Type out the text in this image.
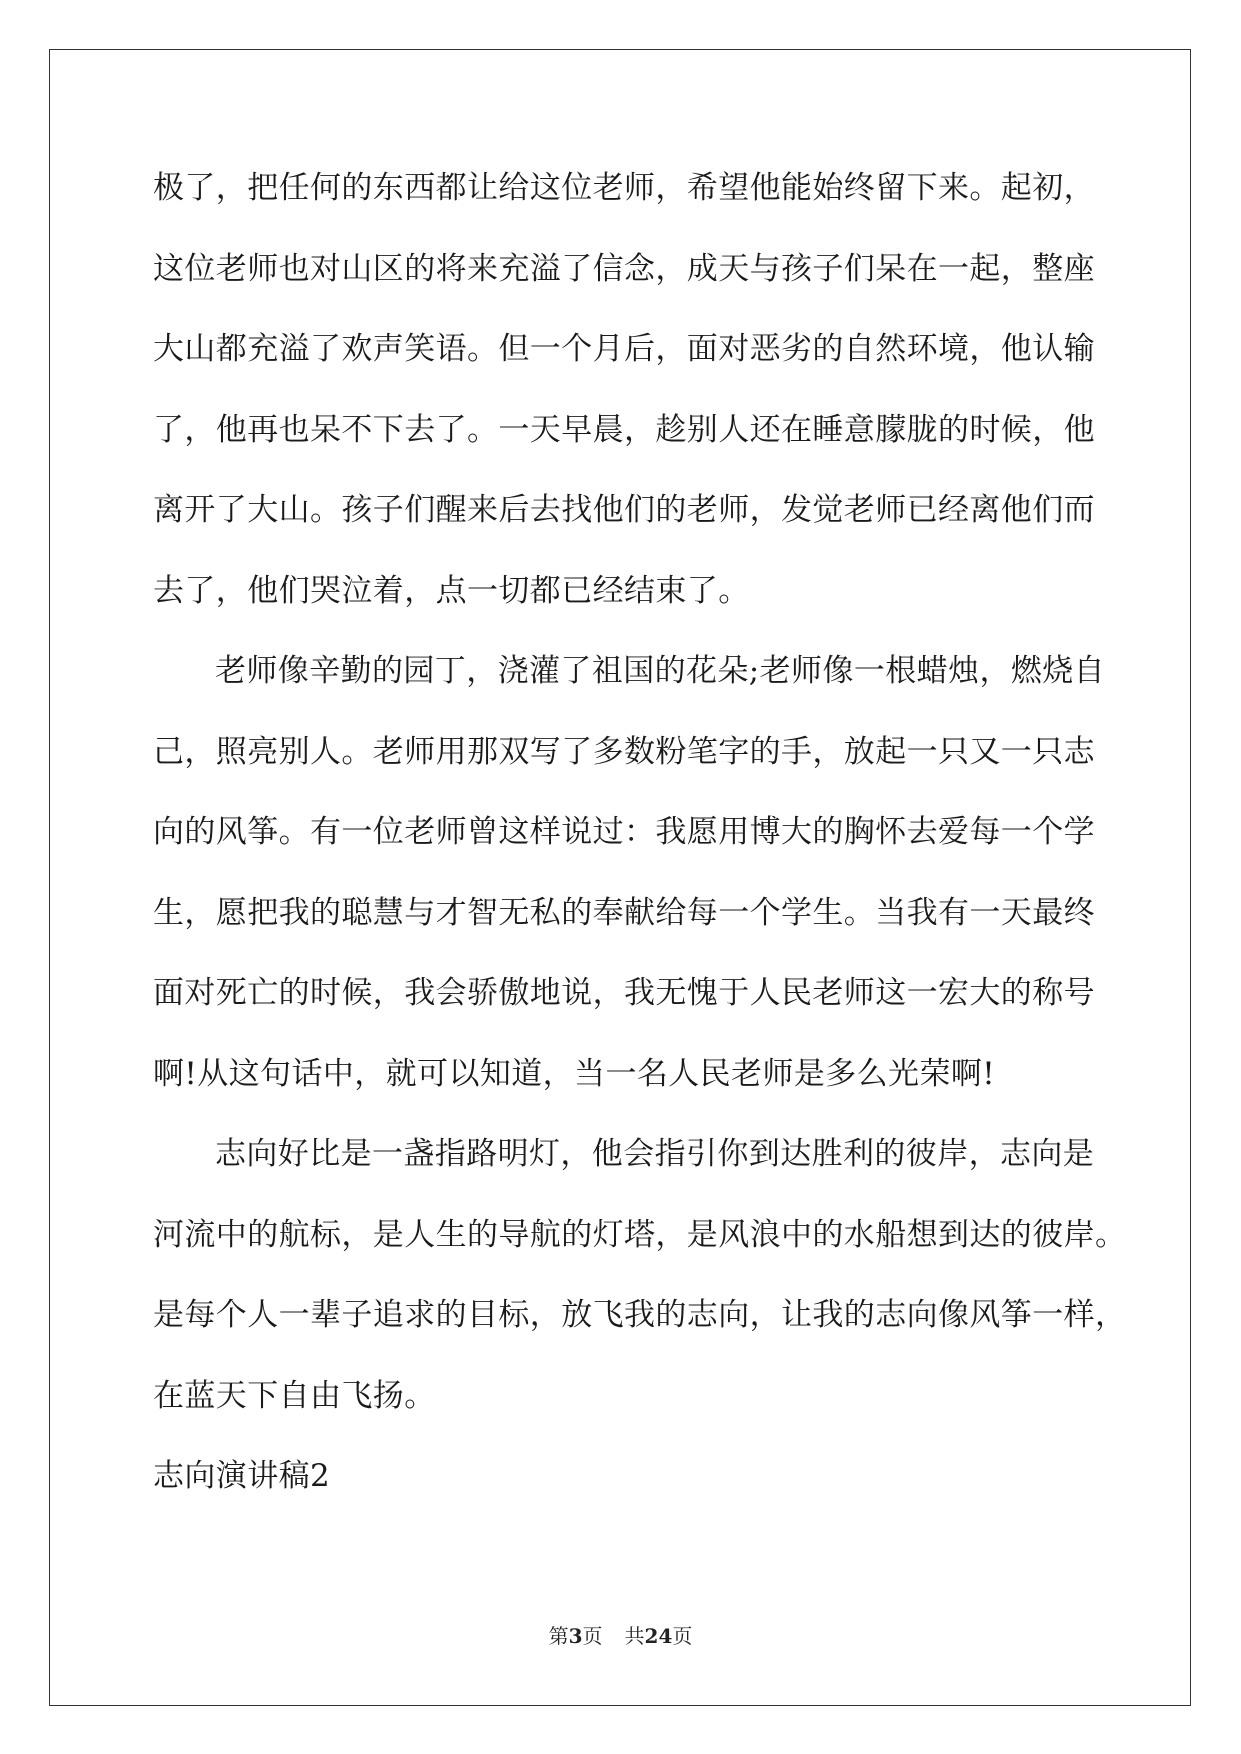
极了，把任何的东西都让给这位老师，希望他能始终留下来。起初，
这位老师也对山区的将来充溢了信念，成天与孩子们呆在一起，整座
大山都充溢了欢声笑语。但一个月后，面对恶劣的自然环境，他认输
了，他再也呆不下去了。一天早晨，趁别人还在睡意朦胧的时候，他
离开了大山。孩子们醒来后去找他们的老师，发觉老师已经离他们而
去了，他们哭泣着，点一切都已经结束了。
老师像辛勤的园丁，浇灌了祖国的花朵;老师像一根蜡烛，燃烧自
己，照亮别人。老师用那双写了多数粉笔字的手，放起一只又一只志
向的风筝。有一位老师曾这样说过：我愿用博大的胸怀去爱每一个学
生，愿把我的聪慧与才智无私的奉献给每一个学生。当我有一天最终
面对死亡的时候，我会骄傲地说，我无愧于人民老师这一宏大的称号
啊!从这句话中，就可以知道，当一名人民老师是多么光荣啊!
志向好比是一盏指路明灯，他会指引你到达胜利的彼岸，志向是
河流中的航标，是人生的导航的灯塔，是风浪中的水船想到达的彼岸。
是每个人一辈子追求的目标，放飞我的志向，让我的志向像风筝一样，
在蓝天下自由飞扬。
志向演讲稿2
第3页 共24页
